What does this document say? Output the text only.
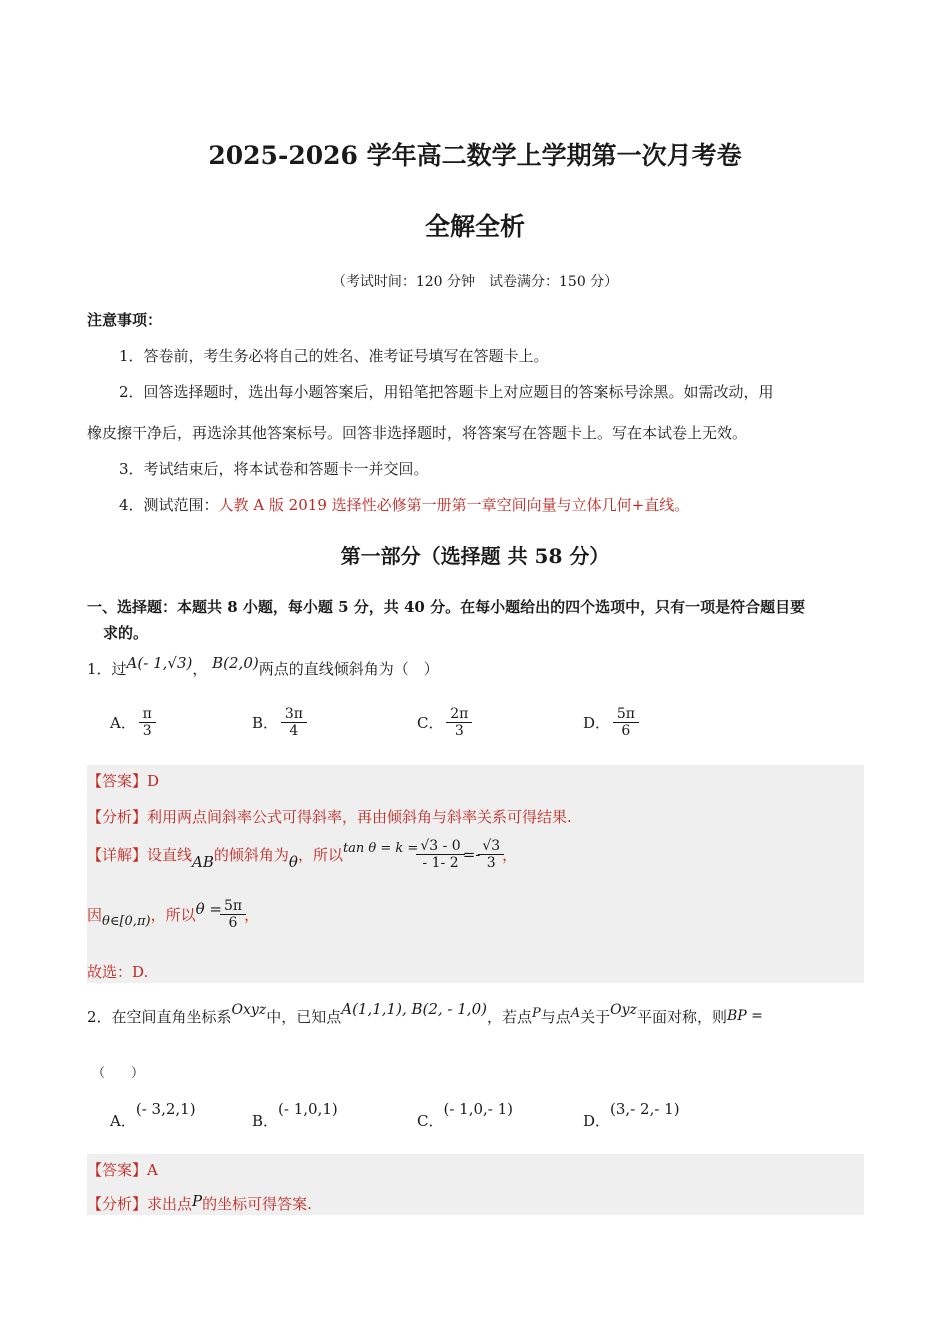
2025-2026 学年高二数学上学期第一次月考卷
全解全析
（考试时间：120 分钟　试卷满分：150 分）
注意事项：
1．答卷前，考生务必将自己的姓名、准考证号填写在答题卡上。
2．回答选择题时，选出每小题答案后，用铅笔把答题卡上对应题目的答案标号涂黑。如需改动，用
橡皮擦干净后，再选涂其他答案标号。回答非选择题时，将答案写在答题卡上。写在本试卷上无效。
3．考试结束后，将本试卷和答题卡一并交回。
4．测试范围：人教 A 版 2019 选择性必修第一册第一章空间向量与立体几何+直线。
第一部分（选择题 共 58 分）
一、选择题：本题共 8 小题，每小题 5 分，共 40 分。在每小题给出的四个选项中，只有一项是符合题目要
求的。
1．过A(- 1,√3)， B(2,0)两点的直线倾斜角为（　）
A． $\frac{\pi}{3}$	B． $\frac{3\pi}{4}$	C． $\frac{2\pi}{3}$	D． $\frac{5\pi}{6}$
【答案】D
【分析】利用两点间斜率公式可得斜率，再由倾斜角与斜率关系可得结果.
【详解】设直线AB的倾斜角为θ，所以$\tan \theta = k = \frac{√3 - 0}{- 1- 2} =- \frac{√3}{3}$ ，
因θ∈[0,π)，所以$\theta = \frac{5\pi}{6}$ ，
故选：D.
2．在空间直角坐标系Oxyz中，已知点A(1,1,1), B(2, - 1,0)，若点P与点A关于Oyz平面对称，则BP =
（　　）
A．(- 3,2,1)
B．(- 1,0,1)
C．(- 1,0,- 1)
D．(3,- 2,- 1)
【答案】A
【分析】求出点P的坐标可得答案.
